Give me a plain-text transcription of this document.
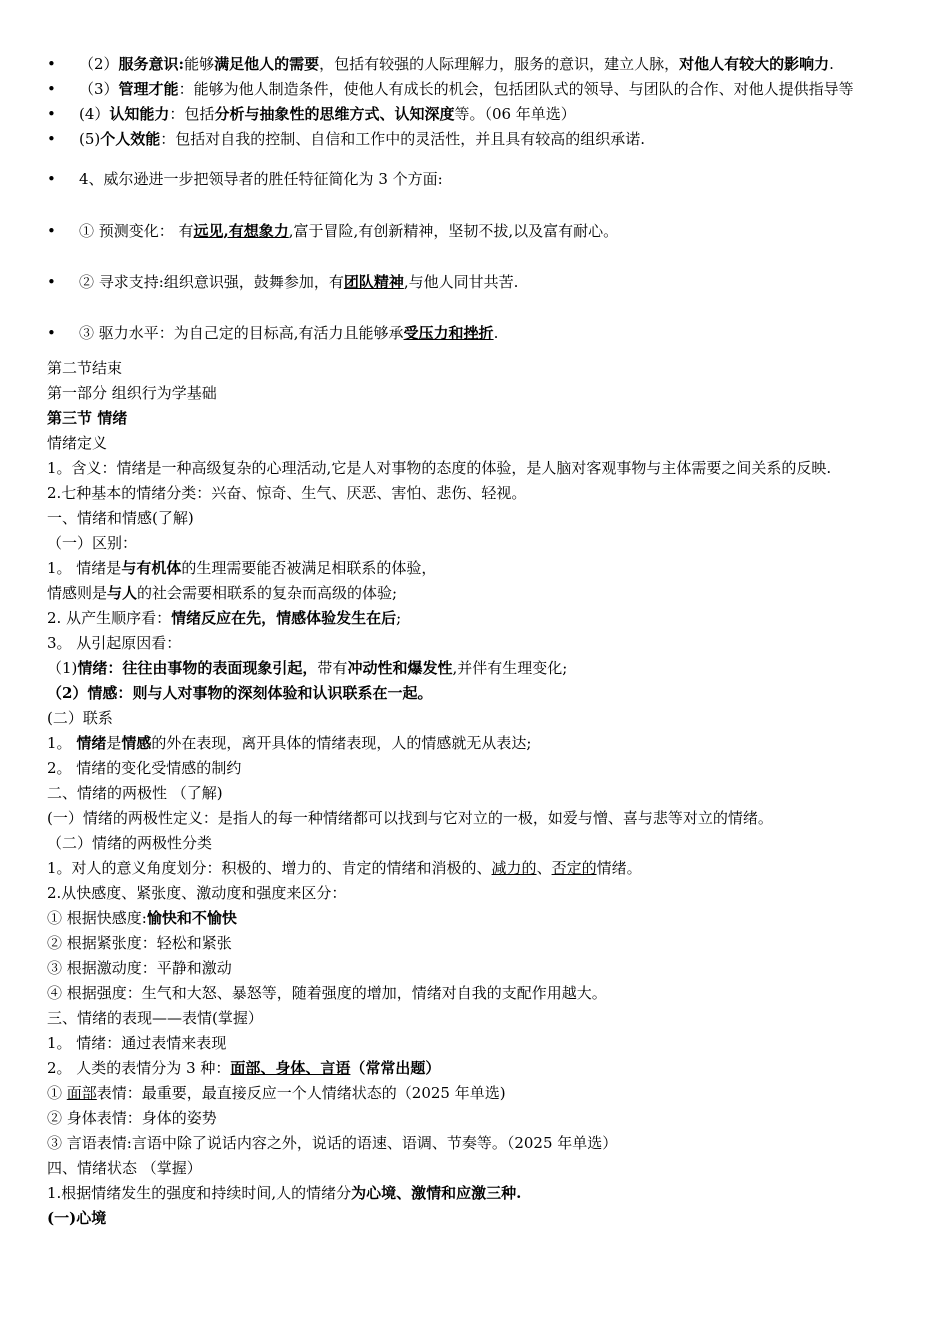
• （2）服务意识:能够满足他人的需要，包括有较强的人际理解力，服务的意识，建立人脉，对他人有较大的影响力.
• （3）管理才能：能够为他人制造条件，使他人有成长的机会，包括团队式的领导、与团队的合作、对他人提供指导等
• (4）认知能力：包括分析与抽象性的思维方式、认知深度等。（06 年单选）
• (5)个人效能：包括对自我的控制、自信和工作中的灵活性，并且具有较高的组织承诺.
• 4、威尔逊进一步把领导者的胜任特征简化为 3 个方面:
• ① 预测变化： 有远见,有想象力,富于冒险,有创新精神，坚韧不拔,以及富有耐心。
• ② 寻求支持:组织意识强，鼓舞参加，有团队精神,与他人同甘共苦.
• ③ 驱力水平：为自己定的目标高,有活力且能够承受压力和挫折.
第二节结束
第一部分 组织行为学基础
第三节 情绪
情绪定义
1。含义：情绪是一种高级复杂的心理活动,它是人对事物的态度的体验，是人脑对客观事物与主体需要之间关系的反映.
2.七种基本的情绪分类：兴奋、惊奇、生气、厌恶、害怕、悲伤、轻视。
一、情绪和情感(了解)
（一）区别：
1。 情绪是与有机体的生理需要能否被满足相联系的体验，
情感则是与人的社会需要相联系的复杂而高级的体验;
2. 从产生顺序看：情绪反应在先，情感体验发生在后;
3。 从引起原因看：
（1)情绪：往往由事物的表面现象引起，带有冲动性和爆发性,并伴有生理变化;
（2）情感：则与人对事物的深刻体验和认识联系在一起。
(二）联系
1。 情绪是情感的外在表现，离开具体的情绪表现，人的情感就无从表达;
2。 情绪的变化受情感的制约
二、情绪的两极性 （了解)
(一）情绪的两极性定义：是指人的每一种情绪都可以找到与它对立的一极，如爱与憎、喜与悲等对立的情绪。
（二）情绪的两极性分类
1。对人的意义角度划分：积极的、增力的、肯定的情绪和消极的、减力的、否定的情绪。
2.从快感度、紧张度、激动度和强度来区分：
① 根据快感度:愉快和不愉快
② 根据紧张度：轻松和紧张
③ 根据激动度：平静和激动
④ 根据强度：生气和大怒、暴怒等，随着强度的增加，情绪对自我的支配作用越大。
三、情绪的表现——表情(掌握）
1。 情绪：通过表情来表现
2。 人类的表情分为 3 种：面部、身体、言语（常常出题）
① 面部表情：最重要，最直接反应一个人情绪状态的（2025 年单选)
② 身体表情：身体的姿势
③ 言语表情:言语中除了说话内容之外，说话的语速、语调、节奏等。（2025 年单选）
四、情绪状态 （掌握）
1.根据情绪发生的强度和持续时间,人的情绪分为心境、激情和应激三种.
(一)心境
